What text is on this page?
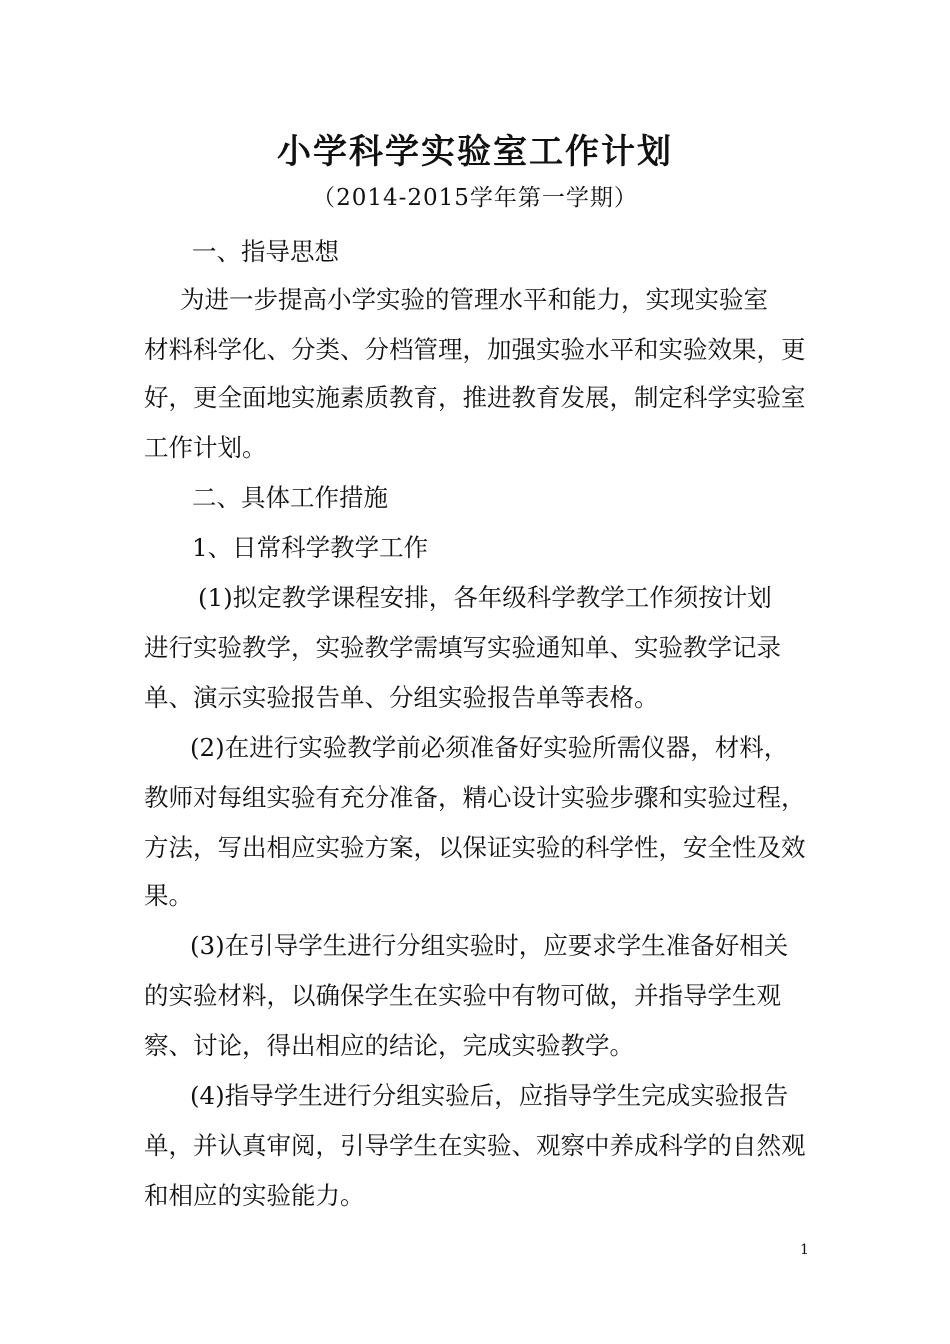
小学科学实验室工作计划

（2014-2015学年第一学期）

一、指导思想

为进一步提高小学实验的管理水平和能力，实现实验室

材料科学化、分类、分档管理，加强实验水平和实验效果，更

好，更全面地实施素质教育，推进教育发展，制定科学实验室

工作计划。

二、具体工作措施

1、日常科学教学工作

(1)拟定教学课程安排，各年级科学教学工作须按计划

进行实验教学，实验教学需填写实验通知单、实验教学记录

单、演示实验报告单、分组实验报告单等表格。

(2)在进行实验教学前必须准备好实验所需仪器，材料，

教师对每组实验有充分准备，精心设计实验步骤和实验过程，

方法，写出相应实验方案，以保证实验的科学性，安全性及效

果。

(3)在引导学生进行分组实验时，应要求学生准备好相关

的实验材料，以确保学生在实验中有物可做，并指导学生观

察、讨论，得出相应的结论，完成实验教学。

(4)指导学生进行分组实验后，应指导学生完成实验报告

单，并认真审阅，引导学生在实验、观察中养成科学的自然观

和相应的实验能力。

1
